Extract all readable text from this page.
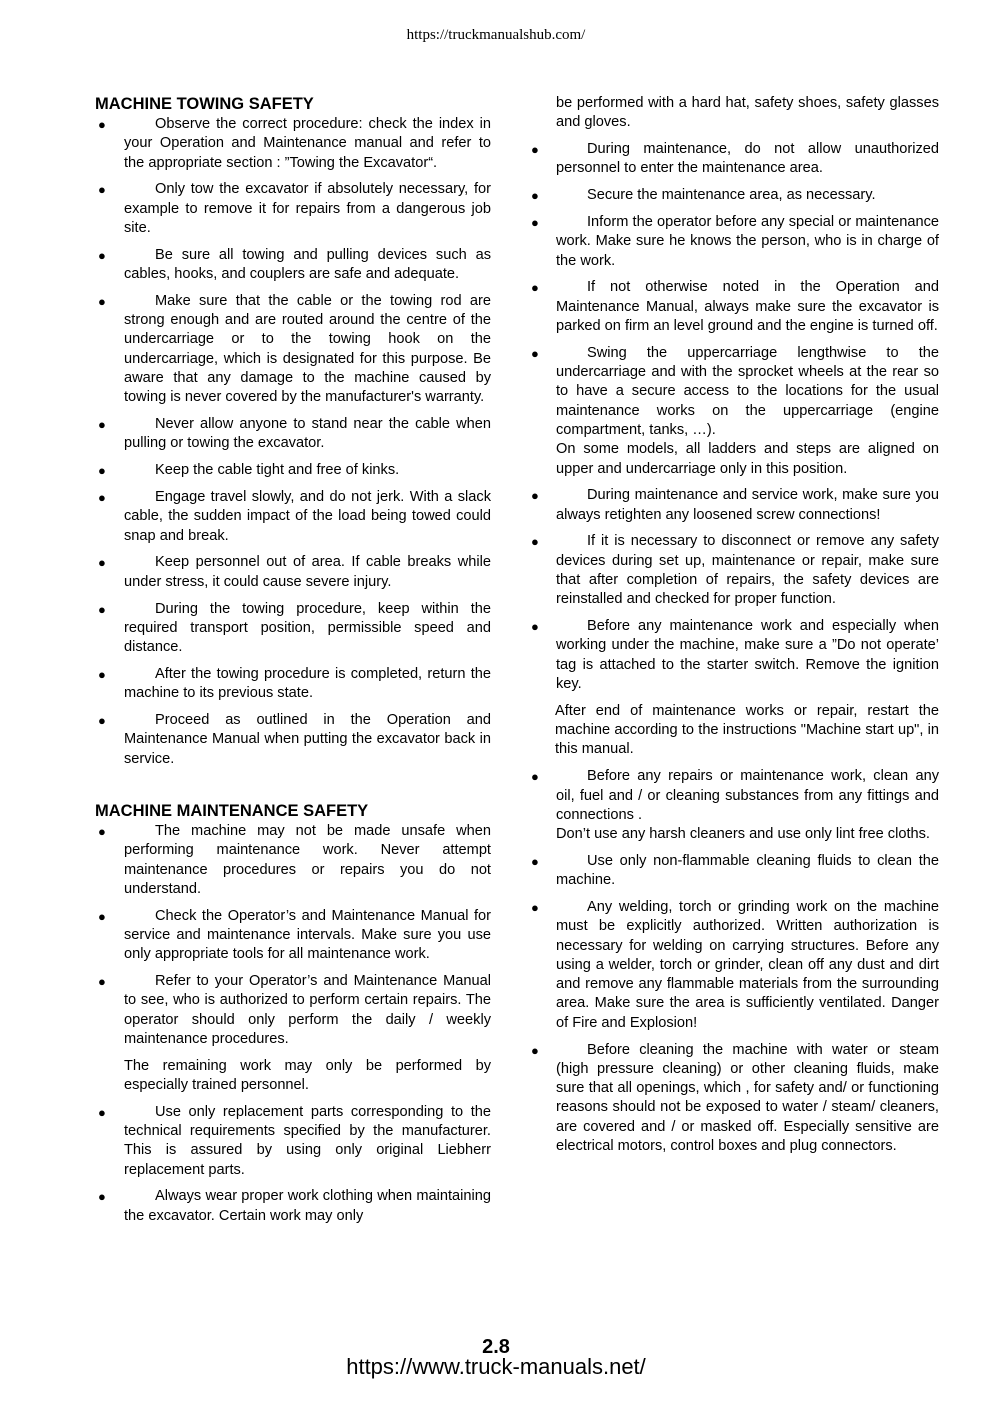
https://truckmanualshub.com/
MACHINE TOWING SAFETY
●	Observe the correct procedure: check the index in your Operation and Maintenance manual and refer to the appropriate section : ”Towing the Excavator“.
●	Only tow the excavator if absolutely necessary, for example to remove it for repairs from a dangerous job site.
●	Be sure all towing and pulling devices such as cables, hooks, and couplers are safe and adequate.
●	Make sure that the cable or the towing rod are strong enough and are routed around the centre of the undercarriage or to the towing hook on the undercarriage, which is designated for this purpose. Be aware that any damage to the machine caused by towing is never covered by the manufacturer's warranty.
●	Never allow anyone to stand near the cable when pulling or towing the excavator.
●	Keep the cable tight and free of kinks.
●	Engage travel slowly, and do not jerk. With a slack cable, the sudden impact of the load being towed could snap and break.
●	Keep personnel out of area. If cable breaks while under stress, it could cause severe injury.
●	During the towing procedure, keep within the required transport position, permissible speed and distance.
●	After the towing procedure is completed, return the machine to its previous state.
●	Proceed as outlined in the Operation and Maintenance Manual when putting the excavator back in service.
MACHINE MAINTENANCE SAFETY
●	The machine may not be made unsafe when performing maintenance work. Never attempt maintenance procedures or repairs you do not understand.
●	Check the Operator’s and Maintenance Manual for service and maintenance intervals. Make sure you use only appropriate tools for all maintenance work.
●	Refer to your Operator’s and Maintenance Manual to see, who is authorized to perform certain repairs. The operator should only perform the daily / weekly maintenance procedures.
The remaining work may only be performed by especially trained personnel.
●	Use only replacement parts corresponding to the technical requirements specified by the manufacturer. This is assured by using only original Liebherr replacement parts.
●	Always wear proper work clothing when maintaining the excavator. Certain work may only
be performed with a hard hat, safety shoes, safety glasses and gloves.
●	During maintenance, do not allow unauthorized personnel to enter the maintenance area.
●	Secure the maintenance area, as necessary.
●	Inform the operator before any special or maintenance work. Make sure he knows the person, who is in charge of the work.
●	If not otherwise noted in the Operation and Maintenance Manual, always make sure the excavator is parked on firm an level ground and the engine is turned off.
●	Swing the uppercarriage lengthwise to the undercarriage and with the sprocket wheels at the rear so to have a secure access to the locations for the usual maintenance works on the uppercarriage (engine compartment, tanks, …).
On some models, all ladders and steps are aligned on upper and undercarriage only in this position.
●	During maintenance and service work, make sure you always retighten any loosened screw connections!
●	If it is necessary to disconnect or remove any safety devices during set up, maintenance or repair, make sure that after completion of repairs, the safety devices are reinstalled and checked for proper function.
●	Before any maintenance work and especially when working under the machine, make sure a ”Do not operate’ tag is attached to the starter switch. Remove the ignition key.
After end of maintenance works or repair, restart the machine according to the instructions "Machine start up", in this manual.
●	Before any repairs or maintenance work, clean any oil, fuel and / or cleaning substances from any fittings and connections .
Don’t use any harsh cleaners and use only lint free cloths.
●	Use only non-flammable cleaning fluids to clean the machine.
●	Any welding, torch or grinding work on the machine must be explicitly authorized. Written authorization is necessary for welding on carrying structures. Before any using a welder, torch or grinder, clean off any dust and dirt and remove any flammable materials from the surrounding area. Make sure the area is sufficiently ventilated. Danger of Fire and Explosion!
●	Before cleaning the machine with water or steam (high pressure cleaning) or other cleaning fluids, make sure that all openings, which , for safety and/ or functioning reasons should not be exposed to water / steam/ cleaners, are covered and / or masked off. Especially sensitive are electrical motors, control boxes and plug connectors.
2.8
https://www.truck-manuals.net/
